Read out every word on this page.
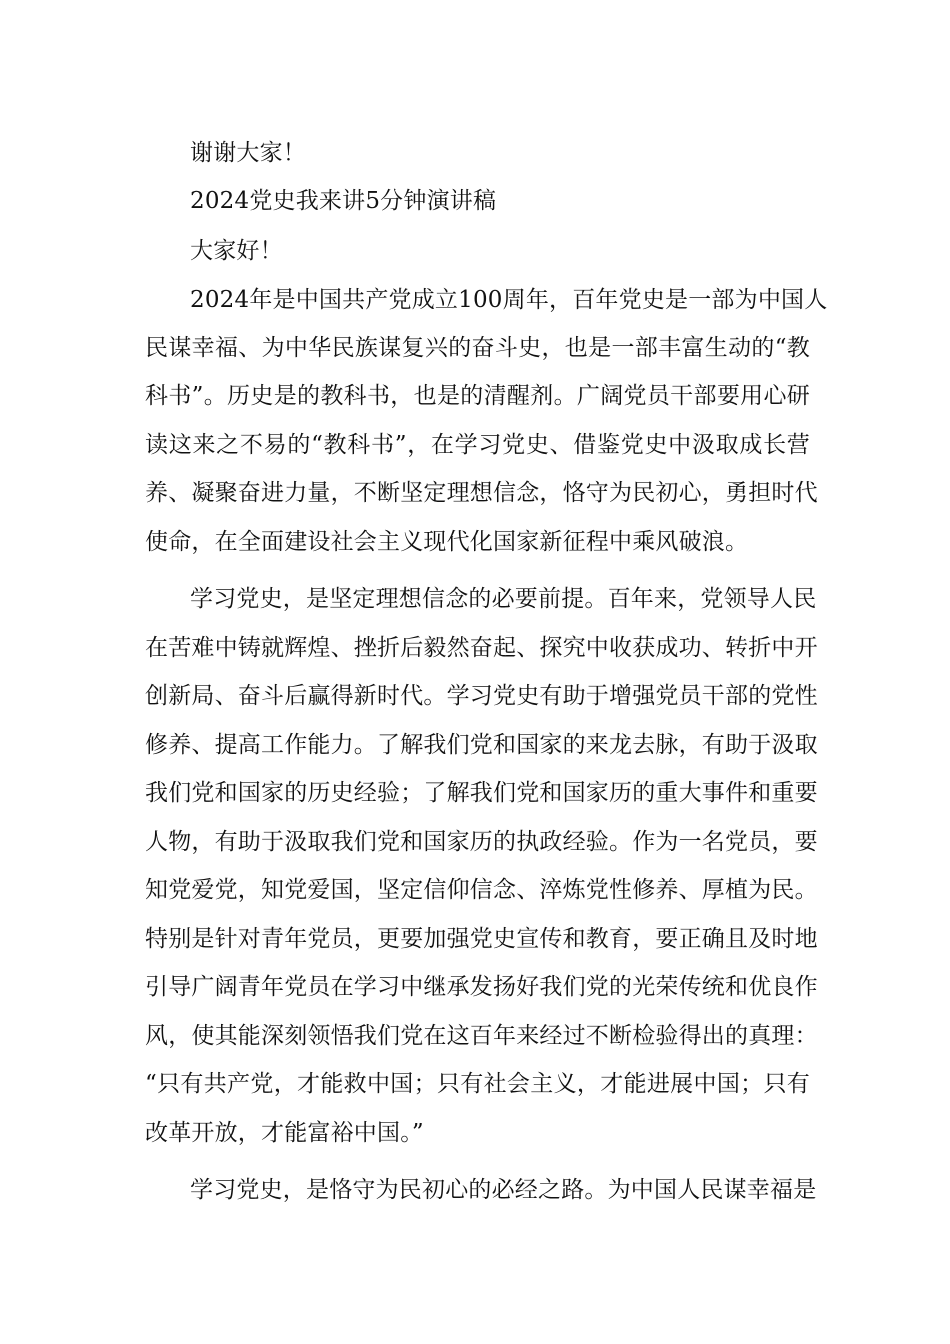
谢谢大家！
2024党史我来讲5分钟演讲稿
大家好！
2024年是中国共产党成立100周年，百年党史是一部为中国人
民谋幸福、为中华民族谋复兴的奋斗史，也是一部丰富生动的“教
科书”。历史是的教科书，也是的清醒剂。广阔党员干部要用心研
读这来之不易的“教科书”，在学习党史、借鉴党史中汲取成长营
养、凝聚奋进力量，不断坚定理想信念，恪守为民初心，勇担时代
使命，在全面建设社会主义现代化国家新征程中乘风破浪。
学习党史，是坚定理想信念的必要前提。百年来，党领导人民
在苦难中铸就辉煌、挫折后毅然奋起、探究中收获成功、转折中开
创新局、奋斗后赢得新时代。学习党史有助于增强党员干部的党性
修养、提高工作能力。了解我们党和国家的来龙去脉，有助于汲取
我们党和国家的历史经验；了解我们党和国家历的重大事件和重要
人物，有助于汲取我们党和国家历的执政经验。作为一名党员，要
知党爱党，知党爱国，坚定信仰信念、淬炼党性修养、厚植为民。
特别是针对青年党员，更要加强党史宣传和教育，要正确且及时地
引导广阔青年党员在学习中继承发扬好我们党的光荣传统和优良作
风，使其能深刻领悟我们党在这百年来经过不断检验得出的真理：
“只有共产党，才能救中国；只有社会主义，才能进展中国；只有
改革开放，才能富裕中国。”
学习党史，是恪守为民初心的必经之路。为中国人民谋幸福是
